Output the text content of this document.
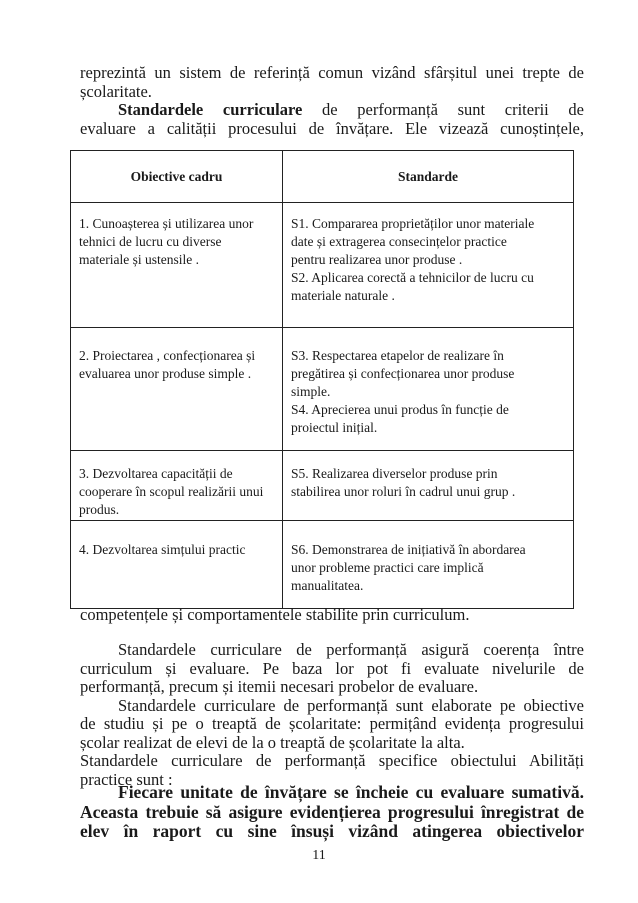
reprezintă un sistem de referință comun vizând sfârșitul unei trepte de
școlaritate.
Standardele curriculare de performanță sunt criterii de
evaluare a calității procesului de învățare. Ele vizează cunoștințele,
Obiective cadru	Standarde

1. Cunoașterea și utilizarea unor
tehnici de lucru cu diverse
materiale și ustensile .	S1. Compararea proprietăților unor materiale
date și extragerea consecințelor practice
pentru realizarea unor produse .
S2. Aplicarea corectă a tehnicilor de lucru cu
materiale naturale .

2. Proiectarea , confecționarea și
evaluarea unor produse simple .	S3. Respectarea etapelor de realizare în
pregătirea și confecționarea unor produse
simple.
S4. Aprecierea unui produs în funcție de
proiectul inițial.

3. Dezvoltarea capacității de
cooperare în scopul realizării unui
produs.	S5. Realizarea diverselor produse prin
stabilirea unor roluri în cadrul unui grup .

4. Dezvoltarea simțului practic	S6. Demonstrarea de inițiativă în abordarea
unor probleme practici care implică
manualitatea.
competențele și comportamentele stabilite prin curriculum.
Standardele curriculare de performanță asigură coerența între
curriculum și evaluare. Pe baza lor pot fi evaluate nivelurile de
performanță, precum și itemii necesari probelor de evaluare.
Standardele curriculare de performanță sunt elaborate pe obiective
de studiu și pe o treaptă de școlaritate: permițând evidența progresului
școlar realizat de elevi de la o treaptă de școlaritate la alta.
Standardele curriculare de performanță specifice obiectului Abilități
practice sunt :
Fiecare unitate de învățare se încheie cu evaluare sumativă.
Aceasta trebuie să asigure evidențierea progresului înregistrat de
elev în raport cu sine însuși vizând atingerea obiectivelor
11
